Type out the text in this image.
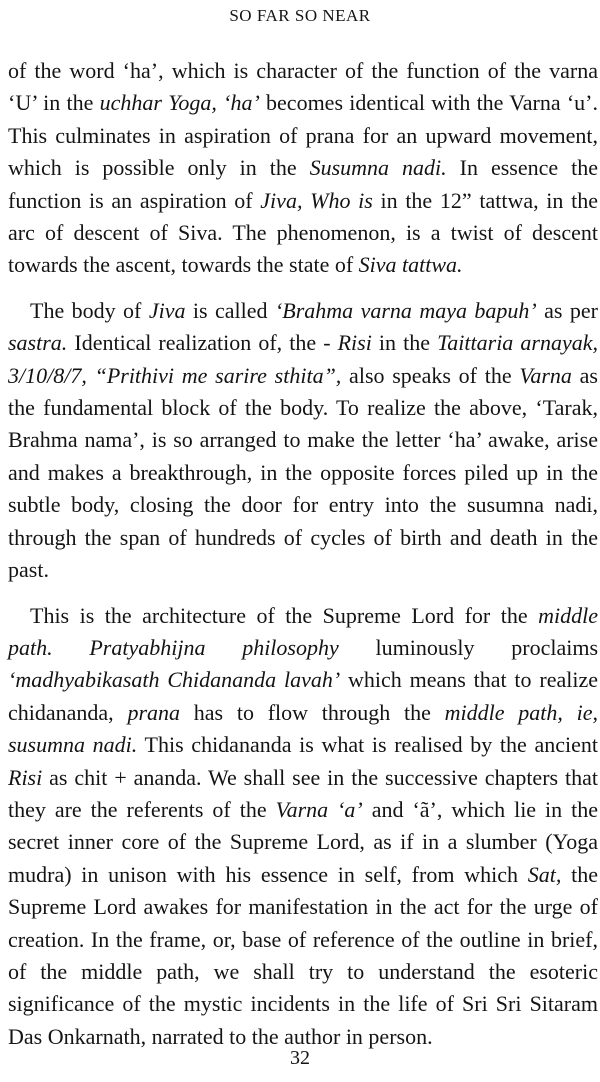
SO FAR SO NEAR

of the word ‘ha’, which is character of the function of the varna ‘U’ in the uchhar Yoga, ‘ha’ becomes identical with the Varna ‘u’. This culminates in aspiration of prana for an upward movement, which is possible only in the Susumna nadi. In essence the function is an aspiration of Jiva, Who is in the 12” tattwa, in the arc of descent of Siva. The phenomenon, is a twist of descent towards the ascent, towards the state of Siva tattwa.

The body of Jiva is called ‘Brahma varna maya bapuh’ as per sastra. Identical realization of, the - Risi in the Taittaria arnayak, 3/10/8/7, “Prithivi me sarire sthita”, also speaks of the Varna as the fundamental block of the body. To realize the above, ‘Tarak, Brahma nama’, is so arranged to make the letter ‘ha’ awake, arise and makes a breakthrough, in the opposite forces piled up in the subtle body, closing the door for entry into the susumna nadi, through the span of hundreds of cycles of birth and death in the past.

This is the architecture of the Supreme Lord for the middle path. Pratyabhijna philosophy luminously proclaims ‘madhyabikasath Chidananda lavah’ which means that to realize chidananda, prana has to flow through the middle path, ie, susumna nadi. This chidananda is what is realised by the ancient Risi as chit + ananda. We shall see in the successive chapters that they are the referents of the Varna ‘a’ and ‘ã’, which lie in the secret inner core of the Supreme Lord, as if in a slumber (Yoga mudra) in unison with his essence in self, from which Sat, the Supreme Lord awakes for manifestation in the act for the urge of creation. In the frame, or, base of reference of the outline in brief, of the middle path, we shall try to understand the esoteric significance of the mystic incidents in the life of Sri Sri Sitaram Das Onkarnath, narrated to the author in person.

32
